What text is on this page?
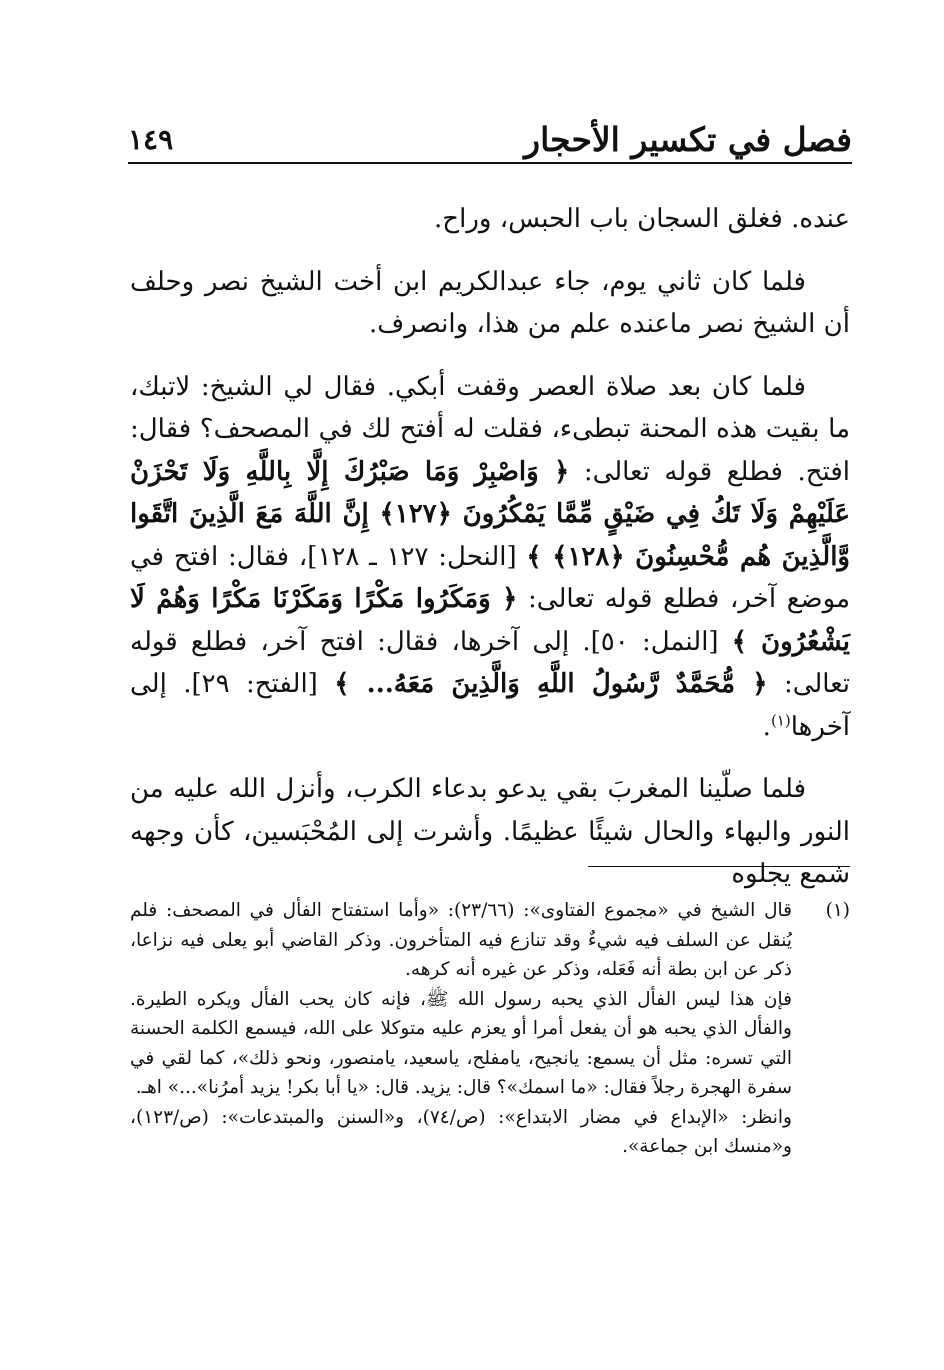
فصل في تكسير الأحجار
١٤٩

عنده. فغلق السجان باب الحبس، وراح.

فلما كان ثاني يوم، جاء عبدالكريم ابن أخت الشيخ نصر وحلف أن الشيخ نصر ماعنده علم من هذا، وانصرف.

فلما كان بعد صلاة العصر وقفت أبكي. فقال لي الشيخ: لاتبك، ما بقيت هذه المحنة تبطىء، فقلت له أفتح لك في المصحف؟ فقال: افتح. فطلع قوله تعالى: ﴿ وَاصْبِرْ وَمَا صَبْرُكَ إِلَّا بِاللَّهِ وَلَا تَحْزَنْ عَلَيْهِمْ وَلَا تَكُ فِي ضَيْقٍ مِّمَّا يَمْكُرُونَ ﴿١٢٧﴾ إِنَّ اللَّهَ مَعَ الَّذِينَ اتَّقَوا وَّالَّذِينَ هُم مُّحْسِنُونَ ﴿١٢٨﴾ ﴾ [النحل: ١٢٧ ـ ١٢٨]، فقال: افتح في موضع آخر، فطلع قوله تعالى: ﴿ وَمَكَرُوا مَكْرًا وَمَكَرْنَا مَكْرًا وَهُمْ لَا يَشْعُرُونَ ﴾ [النمل: ٥٠]. إلى آخرها، فقال: افتح آخر، فطلع قوله تعالى: ﴿ مُّحَمَّدٌ رَّسُولُ اللَّهِ وَالَّذِينَ مَعَهُ... ﴾ [الفتح: ٢٩]. إلى آخرها$^{(١)}$.

فلما صلّينا المغربَ بقي يدعو بدعاء الكرب، وأنزل الله عليه من النور والبهاء والحال شيئًا عظيمًا. وأشرت إلى المُحْبَسين، كأن وجهه شمع يجلوه

(١)قال الشيخ في «مجموع الفتاوى»: (٢٣/٦٦): «وأما استفتاح الفأل في المصحف: فلم يُنقل عن السلف فيه شيءٌ وقد تنازع فيه المتأخرون. وذكر القاضي أبو يعلى فيه نزاعا، ذكر عن ابن بطة أنه فَعَله، وذكر عن غيره أنه كرهه.

فإن هذا ليس الفأل الذي يحبه رسول الله ﷺ، فإنه كان يحب الفأل ويكره الطيرة. والفأل الذي يحبه هو أن يفعل أمرا أو يعزم عليه متوكلا على الله، فيسمع الكلمة الحسنة التي تسره: مثل أن يسمع: يانجيح، يامفلح، ياسعيد، يامنصور، ونحو ذلك»، كما لقي في سفرة الهجرة رجلاً فقال: «ما اسمك»؟ قال: يزيد. قال: «يا أبا بكر! يزيد أمرُنا»...» اهـ.

وانظر: «الإبداع في مضار الابتداع»: (ص/٧٤)، و«السنن والمبتدعات»: (ص/١٢٣)، و«منسك ابن جماعة».
